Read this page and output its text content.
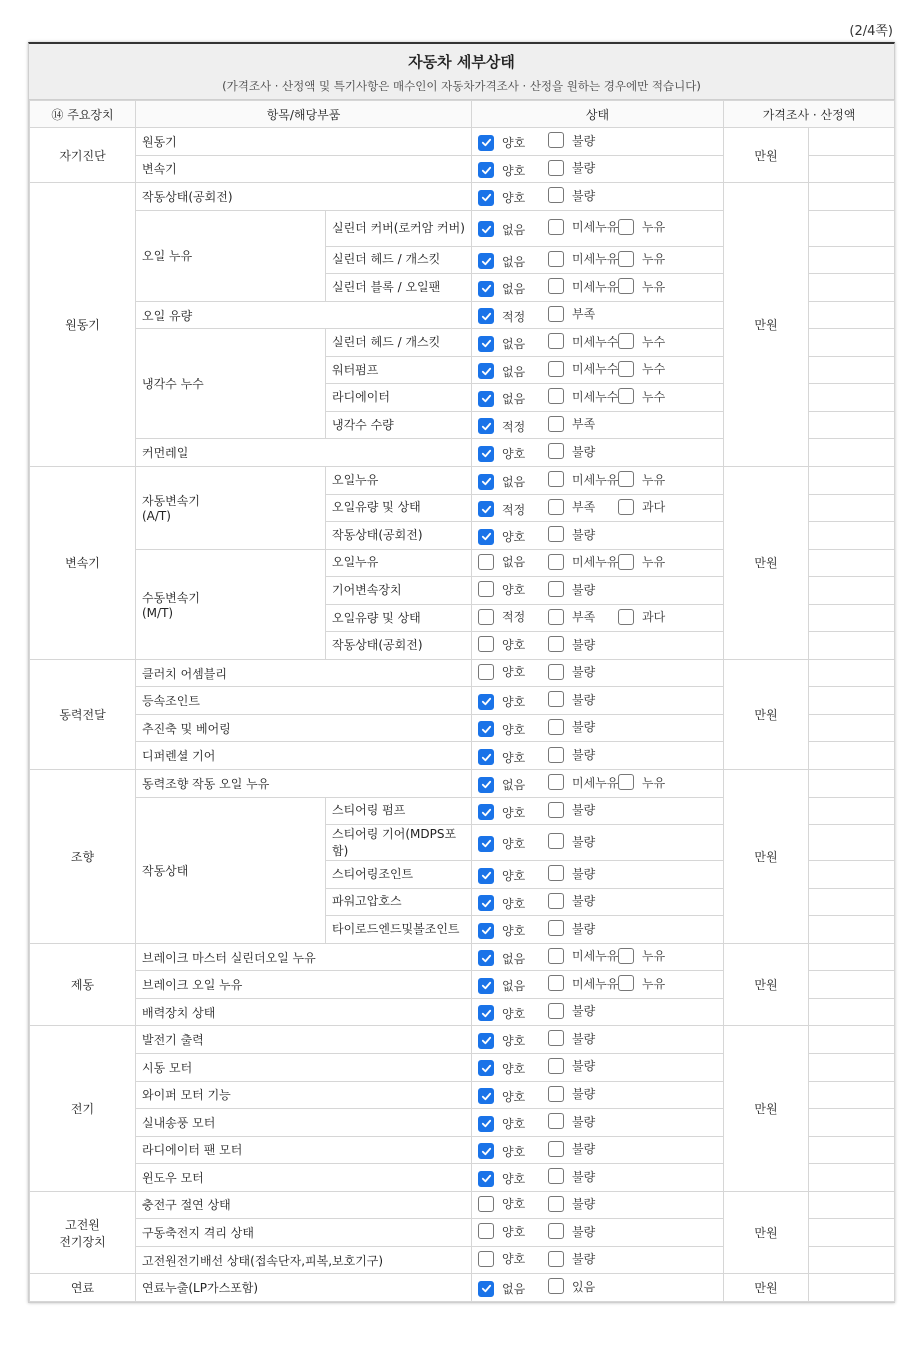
(2/4쪽)
자동차 세부상태
(가격조사 · 산정액 및 특기사항은 매수인이 자동차가격조사 · 산정을 원하는 경우에만 적습니다)
⑭ 주요장치	항목/해당부품		상태	가격조사 · 산정액	
자기진단	원동기		양호 불량	만원	
	변속기		양호 불량		

원동기	작동상태(공회전)		양호 불량	만원	
	오일 누유	실린더 커버(로커암 커버)	없음 미세누유 누유		

		실린더 헤드 / 개스킷	없음 미세누유 누유		

		실린더 블록 / 오일팬	없음 미세누유 누유		

	오일 유량		적정 부족		

	냉각수 누수	실린더 헤드 / 개스킷	없음 미세누수 누수		

		워터펌프	없음 미세누수 누수		

		라디에이터	없음 미세누수 누수		

		냉각수 수량	적정 부족		

	커먼레일		양호 불량		

변속기	자동변속기
(A/T)	오일누유	없음 미세누유 누유	만원	
		오일유량 및 상태	적정 부족 과다		

		작동상태(공회전)	양호 불량		

	수동변속기
(M/T)	오일누유	없음 미세누유 누유		

		기어변속장치	양호 불량		

		오일유량 및 상태	적정 부족 과다		

		작동상태(공회전)	양호 불량		

동력전달	클러치 어셈블리		양호 불량	만원	
	등속조인트		양호 불량		

	추진축 및 베어링		양호 불량		

	디퍼렌셜 기어		양호 불량		

조향	동력조향 작동 오일 누유		없음 미세누유 누유	만원	
	작동상태	스티어링 펌프	양호 불량		

		스티어링 기어(MDPS포함)	양호 불량		

		스티어링조인트	양호 불량		

		파워고압호스	양호 불량		

		타이로드엔드및볼조인트	양호 불량		

제동	브레이크 마스터 실린더오일 누유		없음 미세누유 누유	만원	
	브레이크 오일 누유		없음 미세누유 누유		

	배력장치 상태		양호 불량		

전기	발전기 출력		양호 불량	만원	
	시동 모터		양호 불량		

	와이퍼 모터 기능		양호 불량		

	실내송풍 모터		양호 불량		

	라디에이터 팬 모터		양호 불량		

	윈도우 모터		양호 불량		

고전원
전기장치	충전구 절연 상태		양호 불량	만원	
	구동축전지 격리 상태		양호 불량		

	고전원전기배선 상태(접속단자,피복,보호기구)		양호 불량		

연료	연료누출(LP가스포함)		없음 있음	만원	
